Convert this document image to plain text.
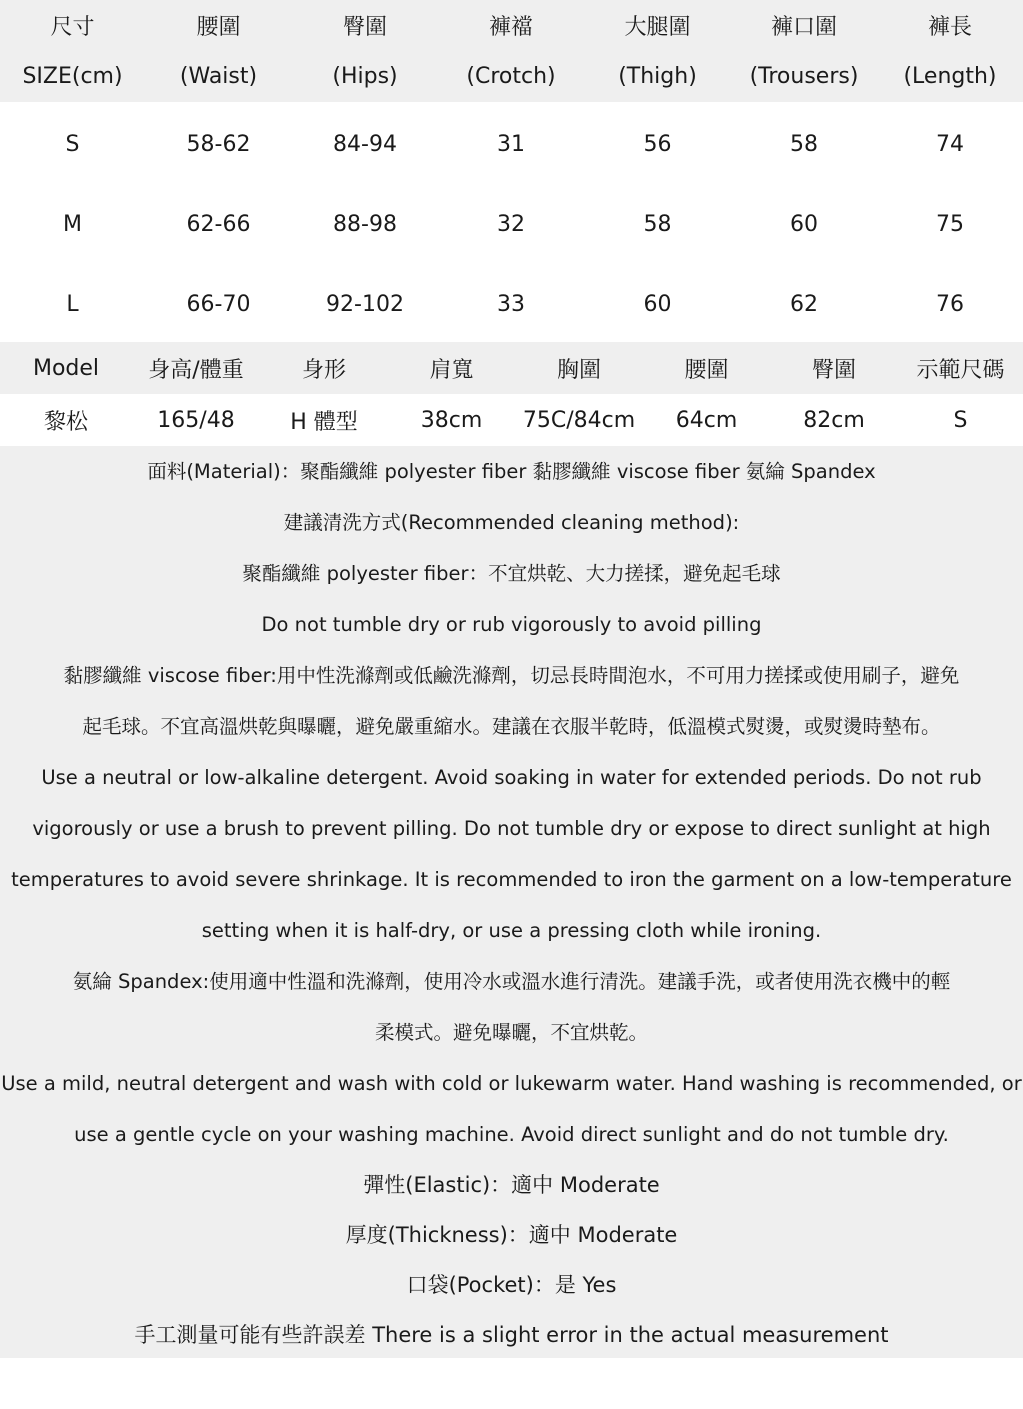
尺寸	腰圍	臀圍	褲襠	大腿圍	褲口圍	褲長
SIZE(cm)	(Waist)	(Hips)	(Crotch)	(Thigh)	(Trousers)	(Length)
S	58-62	84-94	31	56	58	74
M	62-66	88-98	32	58	60	75
L	66-70	92-102	33	60	62	76
Model	身高/體重	身形	肩寬	胸圍	腰圍	臀圍	示範尺碼
黎松	165/48	H 體型	38cm	75C/84cm	64cm	82cm	S
面料(Material)：聚酯纖維 polyester fiber 黏膠纖維 viscose fiber 氨綸 Spandex
建議清洗方式(Recommended cleaning method):
聚酯纖維 polyester fiber：不宜烘乾、大力搓揉，避免起毛球
Do not tumble dry or rub vigorously to avoid pilling
黏膠纖維 viscose fiber:用中性洗滌劑或低鹼洗滌劑，切忌長時間泡水，不可用力搓揉或使用刷子，避免
起毛球。不宜高溫烘乾與曝曬，避免嚴重縮水。建議在衣服半乾時，低溫模式熨燙，或熨燙時墊布。
Use a neutral or low-alkaline detergent. Avoid soaking in water for extended periods. Do not rub
vigorously or use a brush to prevent pilling. Do not tumble dry or expose to direct sunlight at high
temperatures to avoid severe shrinkage. It is recommended to iron the garment on a low-temperature
setting when it is half-dry, or use a pressing cloth while ironing.
氨綸 Spandex:使用適中性溫和洗滌劑，使用冷水或溫水進行清洗。建議手洗，或者使用洗衣機中的輕
柔模式。避免曝曬，不宜烘乾。
Use a mild, neutral detergent and wash with cold or lukewarm water. Hand washing is recommended, or
use a gentle cycle on your washing machine. Avoid direct sunlight and do not tumble dry.
彈性(Elastic)：適中 Moderate
厚度(Thickness)：適中 Moderate
口袋(Pocket)：是 Yes
手工測量可能有些許誤差 There is a slight error in the actual measurement
